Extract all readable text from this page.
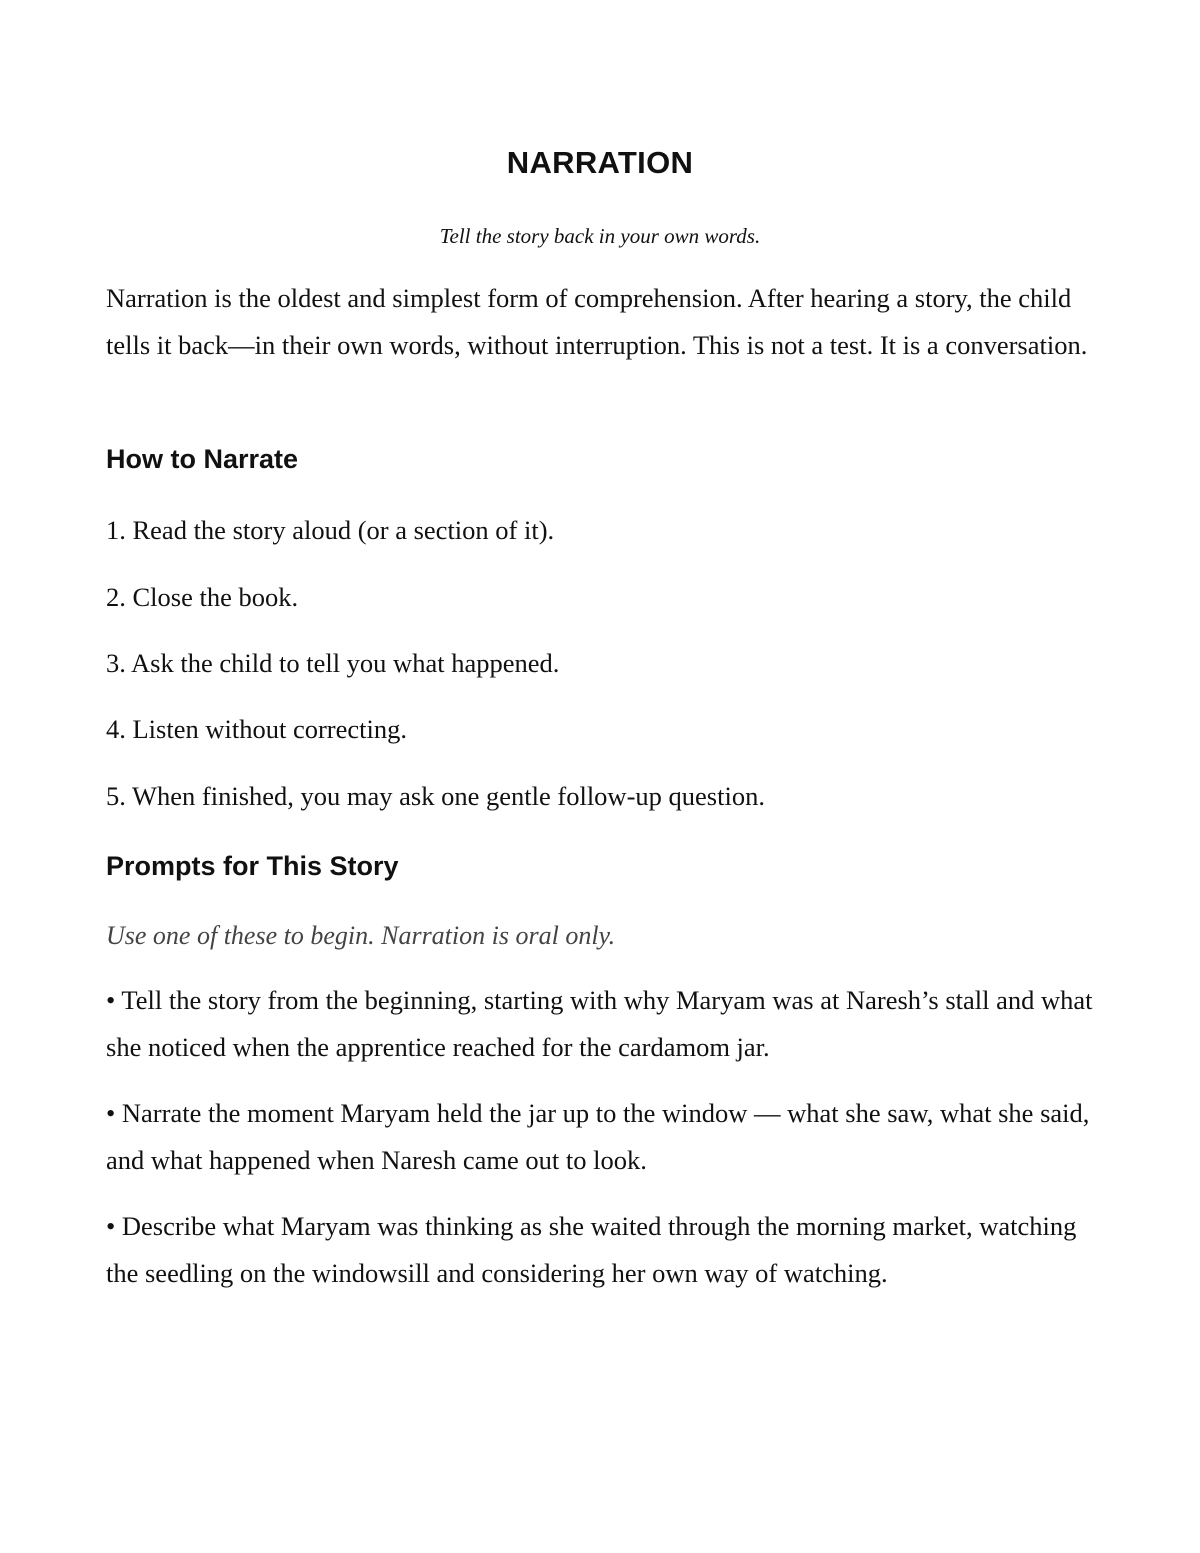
NARRATION

Tell the story back in your own words.

Narration is the oldest and simplest form of comprehension. After hearing a story, the child tells it back—in their own words, without interruption. This is not a test. It is a conversation.

How to Narrate

1. Read the story aloud (or a section of it).

2. Close the book.

3. Ask the child to tell you what happened.

4. Listen without correcting.

5. When finished, you may ask one gentle follow-up question.

Prompts for This Story

Use one of these to begin. Narration is oral only.

• Tell the story from the beginning, starting with why Maryam was at Naresh’s stall and what she noticed when the apprentice reached for the cardamom jar.

• Narrate the moment Maryam held the jar up to the window — what she saw, what she said, and what happened when Naresh came out to look.

• Describe what Maryam was thinking as she waited through the morning market, watching the seedling on the windowsill and considering her own way of watching.
